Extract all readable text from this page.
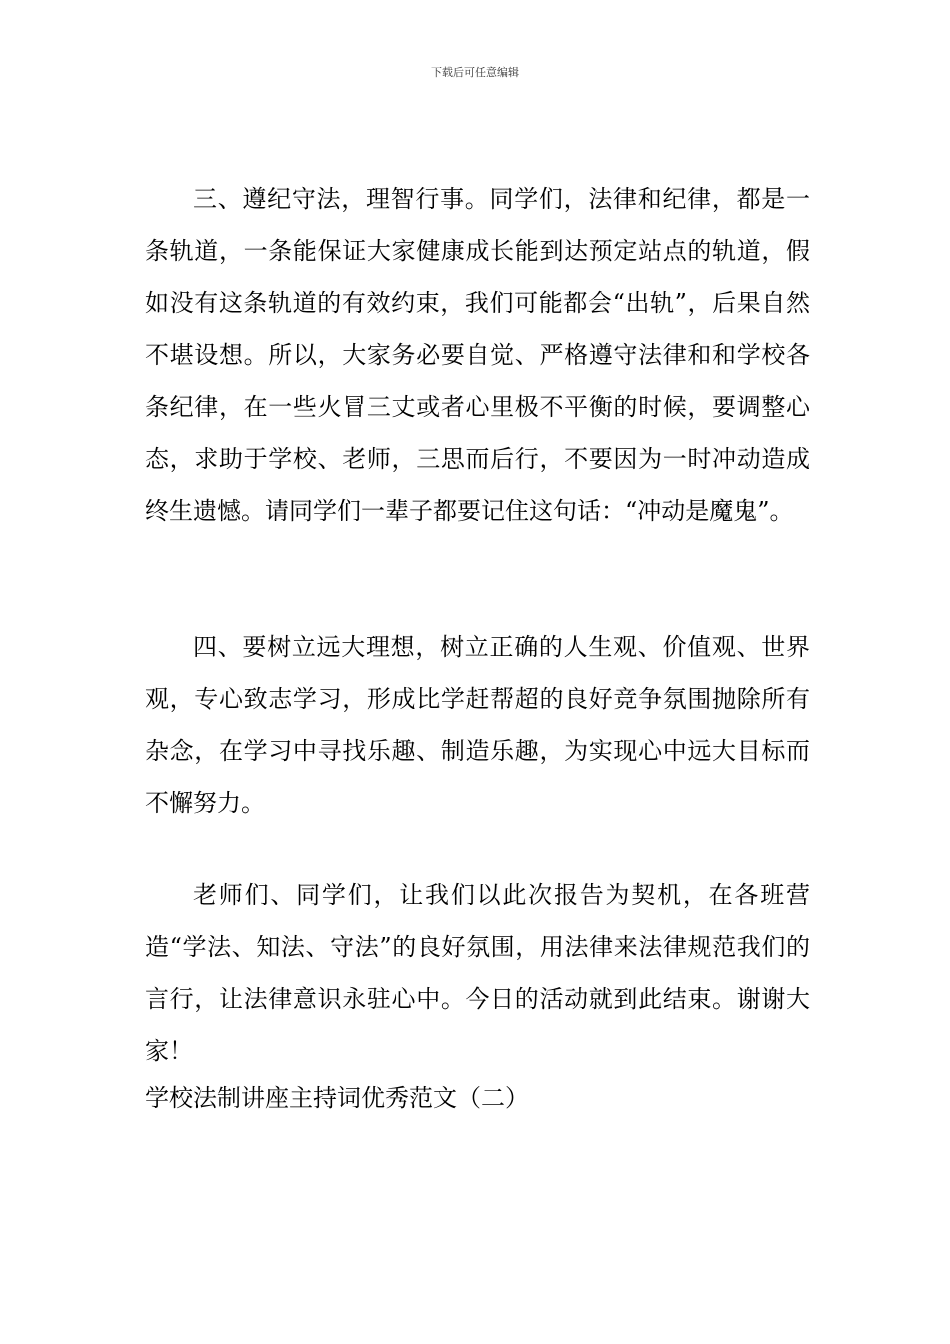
下载后可任意编辑

三、遵纪守法，理智行事。同学们，法律和纪律，都是一条轨道，一条能保证大家健康成长能到达预定站点的轨道，假如没有这条轨道的有效约束，我们可能都会“出轨”，后果自然不堪设想。所以，大家务必要自觉、严格遵守法律和和学校各条纪律，在一些火冒三丈或者心里极不平衡的时候，要调整心态，求助于学校、老师，三思而后行，不要因为一时冲动造成终生遗憾。请同学们一辈子都要记住这句话：“冲动是魔鬼”。

四、要树立远大理想，树立正确的人生观、价值观、世界观，专心致志学习，形成比学赶帮超的良好竞争氛围抛除所有杂念，在学习中寻找乐趣、制造乐趣，为实现心中远大目标而不懈努力。

老师们、同学们，让我们以此次报告为契机，在各班营造“学法、知法、守法”的良好氛围，用法律来法律规范我们的言行，让法律意识永驻心中。今日的活动就到此结束。谢谢大家！

学校法制讲座主持词优秀范文（二）
